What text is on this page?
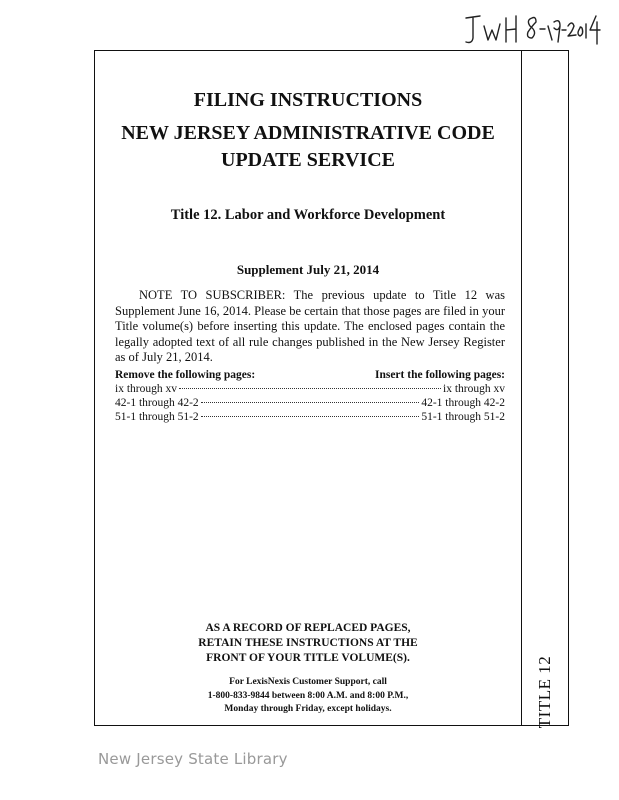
FILING INSTRUCTIONS
NEW JERSEY ADMINISTRATIVE CODE
UPDATE SERVICE
Title 12. Labor and Workforce Development
Supplement July 21, 2014
NOTE TO SUBSCRIBER: The previous update to Title 12 was Supplement June 16, 2014. Please be certain that those pages are filed in your Title volume(s) before inserting this update. The enclosed pages contain the legally adopted text of all rule changes published in the New Jersey Register as of July 21, 2014.
Remove the following pages:	Insert the following pages:
ix through xv	ix through xv
42-1 through 42-2	42-1 through 42-2
51-1 through 51-2	51-1 through 51-2
AS A RECORD OF REPLACED PAGES,
RETAIN THESE INSTRUCTIONS AT THE
FRONT OF YOUR TITLE VOLUME(S).
For LexisNexis Customer Support, call
1-800-833-9844 between 8:00 A.M. and 8:00 P.M.,
Monday through Friday, except holidays.	TITLE 12
New Jersey State Library
